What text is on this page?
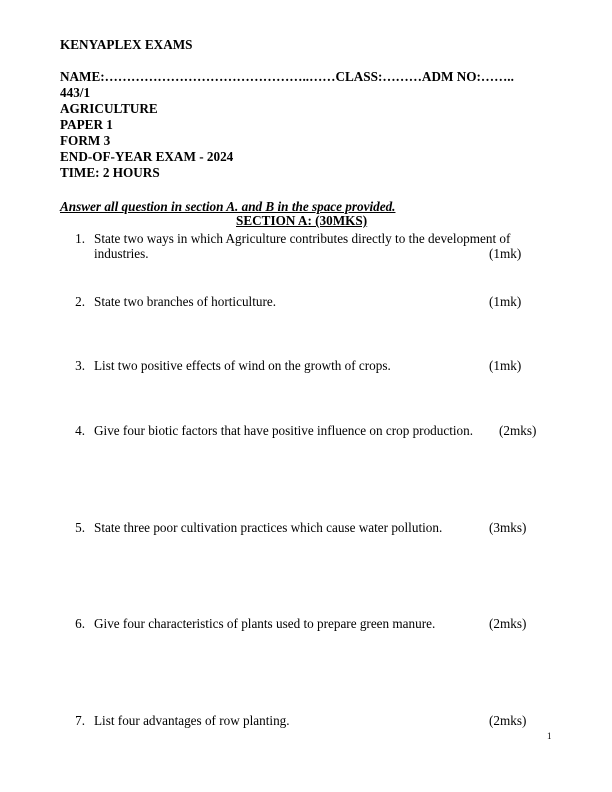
KENYAPLEX EXAMS
NAME:………………………………………..……CLASS:………ADM NO:……..
443/1
AGRICULTURE
PAPER 1
FORM 3
END-OF-YEAR EXAM - 2024
TIME: 2 HOURS
Answer all question in section A. and B in the space provided.
SECTION A: (30MKS)
1. State two ways in which Agriculture contributes directly to the development of
industries.	(1mk)
2. State two branches of horticulture.	(1mk)
3. List two positive effects of wind on the growth of crops.	(1mk)
4. Give four biotic factors that have positive influence on crop production. (2mks)
5. State three poor cultivation practices which cause water pollution.	(3mks)
6. Give four characteristics of plants used to prepare green manure.	(2mks)
7. List four advantages of row planting.	(2mks)
1
